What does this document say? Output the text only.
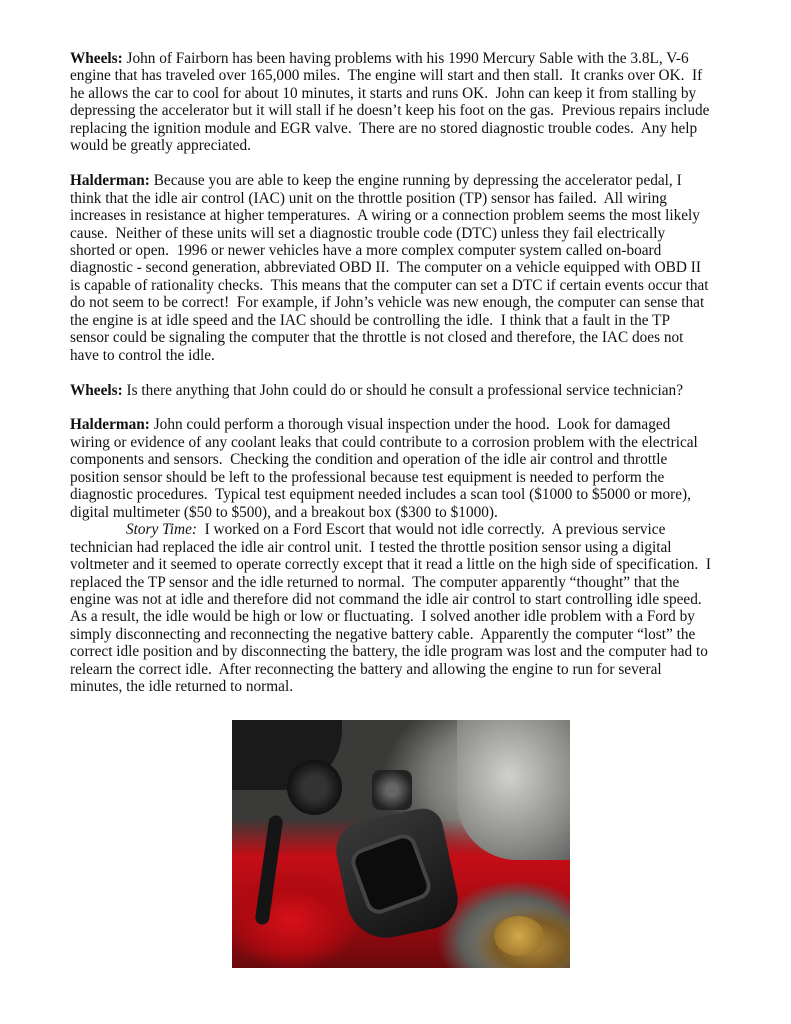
Wheels: John of Fairborn has been having problems with his 1990 Mercury Sable with the 3.8L, V-6
engine that has traveled over 165,000 miles.  The engine will start and then stall.  It cranks over OK.  If
he allows the car to cool for about 10 minutes, it starts and runs OK.  John can keep it from stalling by
depressing the accelerator but it will stall if he doesn’t keep his foot on the gas.  Previous repairs include
replacing the ignition module and EGR valve.  There are no stored diagnostic trouble codes.  Any help
would be greatly appreciated.
Halderman: Because you are able to keep the engine running by depressing the accelerator pedal, I
think that the idle air control (IAC) unit on the throttle position (TP) sensor has failed.  All wiring
increases in resistance at higher temperatures.  A wiring or a connection problem seems the most likely
cause.  Neither of these units will set a diagnostic trouble code (DTC) unless they fail electrically
shorted or open.  1996 or newer vehicles have a more complex computer system called on-board
diagnostic - second generation, abbreviated OBD II.  The computer on a vehicle equipped with OBD II
is capable of rationality checks.  This means that the computer can set a DTC if certain events occur that
do not seem to be correct!  For example, if John’s vehicle was new enough, the computer can sense that
the engine is at idle speed and the IAC should be controlling the idle.  I think that a fault in the TP
sensor could be signaling the computer that the throttle is not closed and therefore, the IAC does not
have to control the idle.
Wheels: Is there anything that John could do or should he consult a professional service technician?
Halderman: John could perform a thorough visual inspection under the hood.  Look for damaged
wiring or evidence of any coolant leaks that could contribute to a corrosion problem with the electrical
components and sensors.  Checking the condition and operation of the idle air control and throttle
position sensor should be left to the professional because test equipment is needed to perform the
diagnostic procedures.  Typical test equipment needed includes a scan tool ($1000 to $5000 or more),
digital multimeter ($50 to $500), and a breakout box ($300 to $1000).
Story Time:  I worked on a Ford Escort that would not idle correctly.  A previous service
technician had replaced the idle air control unit.  I tested the throttle position sensor using a digital
voltmeter and it seemed to operate correctly except that it read a little on the high side of specification.  I
replaced the TP sensor and the idle returned to normal.  The computer apparently “thought” that the
engine was not at idle and therefore did not command the idle air control to start controlling idle speed.
As a result, the idle would be high or low or fluctuating.  I solved another idle problem with a Ford by
simply disconnecting and reconnecting the negative battery cable.  Apparently the computer “lost” the
correct idle position and by disconnecting the battery, the idle program was lost and the computer had to
relearn the correct idle.  After reconnecting the battery and allowing the engine to run for several
minutes, the idle returned to normal.
